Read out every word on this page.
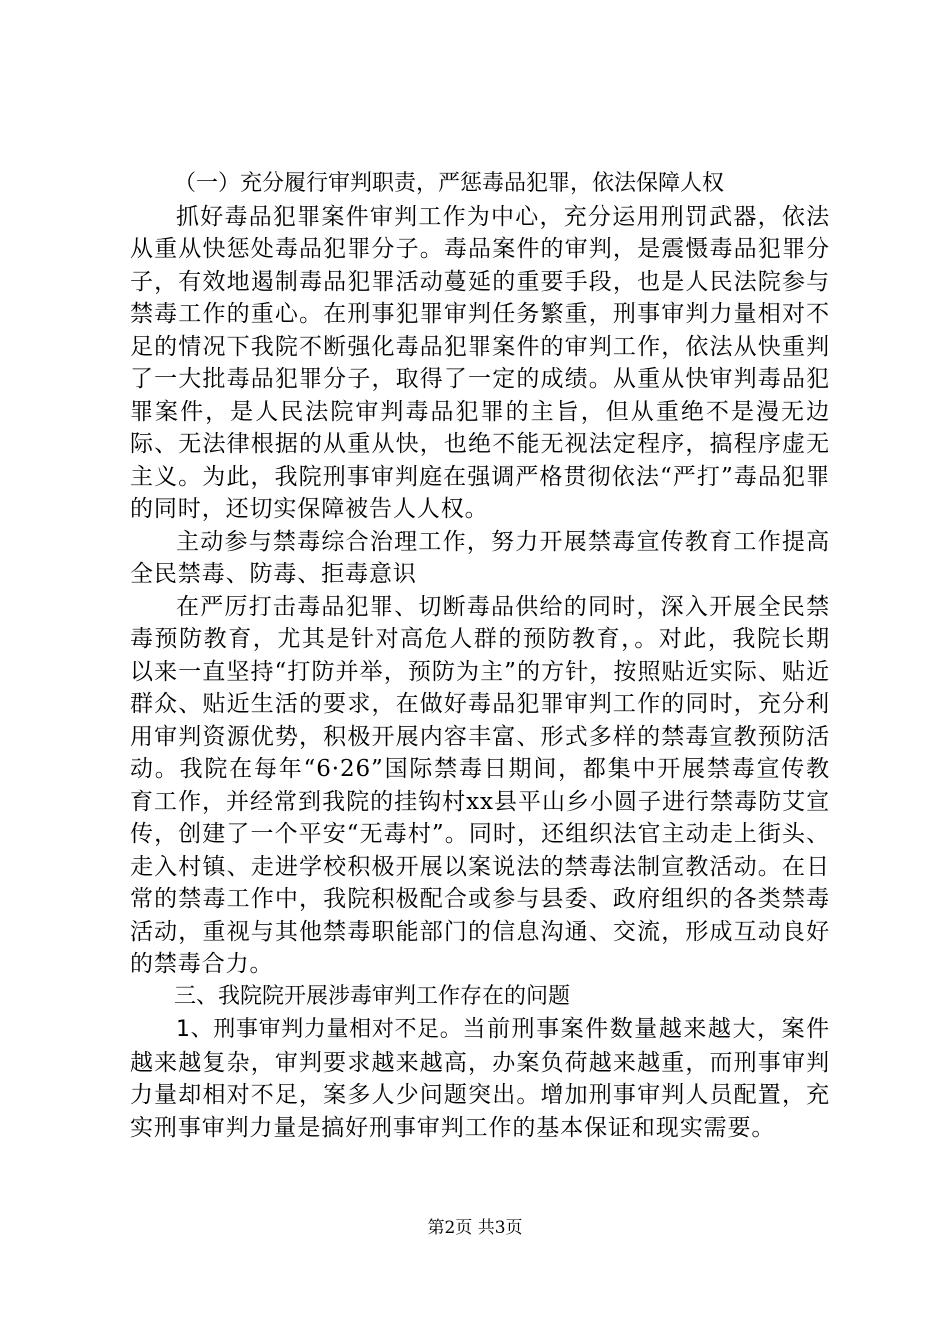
（一）充分履行审判职责，严惩毒品犯罪，依法保障人权

抓好毒品犯罪案件审判工作为中心，充分运用刑罚武器，依法从重从快惩处毒品犯罪分子。毒品案件的审判，是震慑毒品犯罪分子，有效地遏制毒品犯罪活动蔓延的重要手段，也是人民法院参与禁毒工作的重心。在刑事犯罪审判任务繁重，刑事审判力量相对不足的情况下我院不断强化毒品犯罪案件的审判工作，依法从快重判了一大批毒品犯罪分子，取得了一定的成绩。从重从快审判毒品犯罪案件，是人民法院审判毒品犯罪的主旨，但从重绝不是漫无边际、无法律根据的从重从快，也绝不能无视法定程序，搞程序虚无主义。为此，我院刑事审判庭在强调严格贯彻依法“严打”毒品犯罪的同时，还切实保障被告人人权。

主动参与禁毒综合治理工作，努力开展禁毒宣传教育工作提高全民禁毒、防毒、拒毒意识

在严厉打击毒品犯罪、切断毒品供给的同时，深入开展全民禁毒预防教育，尤其是针对高危人群的预防教育，。对此，我院长期以来一直坚持“打防并举，预防为主”的方针，按照贴近实际、贴近群众、贴近生活的要求，在做好毒品犯罪审判工作的同时，充分利用审判资源优势，积极开展内容丰富、形式多样的禁毒宣教预防活动。我院在每年“6·26”国际禁毒日期间，都集中开展禁毒宣传教育工作，并经常到我院的挂钩村xx县平山乡小圆子进行禁毒防艾宣传，创建了一个平安“无毒村”。同时，还组织法官主动走上街头、走入村镇、走进学校积极开展以案说法的禁毒法制宣教活动。在日常的禁毒工作中，我院积极配合或参与县委、政府组织的各类禁毒活动，重视与其他禁毒职能部门的信息沟通、交流，形成互动良好的禁毒合力。

三、我院院开展涉毒审判工作存在的问题

1、刑事审判力量相对不足。当前刑事案件数量越来越大，案件越来越复杂，审判要求越来越高，办案负荷越来越重，而刑事审判力量却相对不足，案多人少问题突出。增加刑事审判人员配置，充实刑事审判力量是搞好刑事审判工作的基本保证和现实需要。

第2页 共3页
